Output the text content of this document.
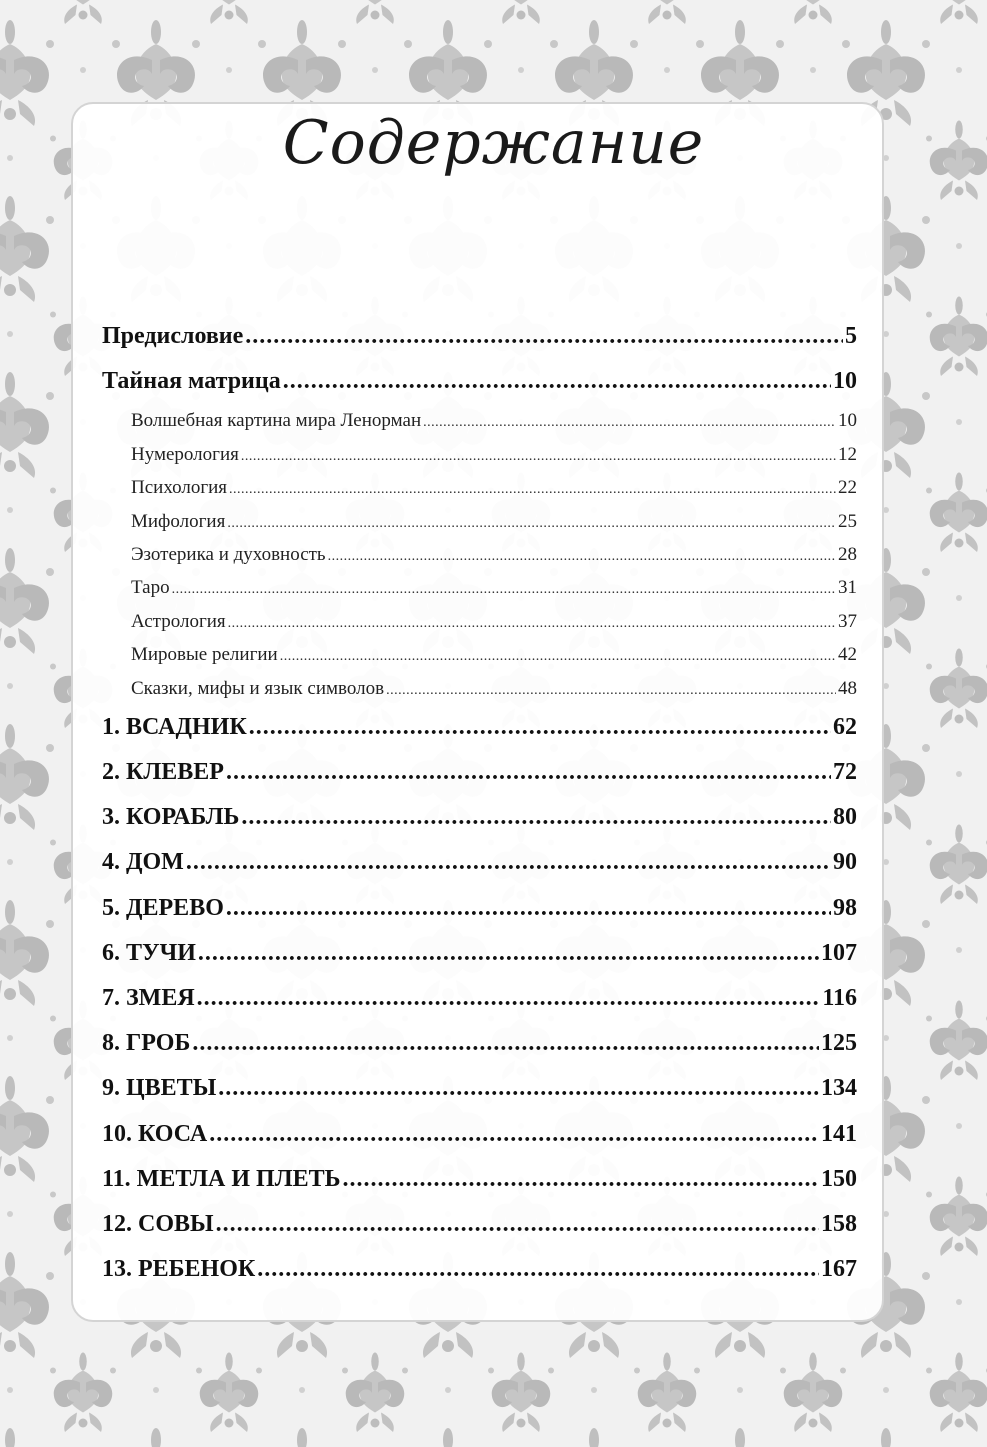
Содержание
Предисловие .....	5
Тайная матрица .....	10
Волшебная картина мира Ленорман .....	10
Нумерология .....	12
Психология .....	22
Мифология .....	25
Эзотерика и духовность .....	28
Таро .....	31
Астрология .....	37
Мировые религии .....	42
Сказки, мифы и язык символов .....	48
1. ВСАДНИК .....	62
2. КЛЕВЕР .....	72
3. КОРАБЛЬ .....	80
4. ДОМ .....	90
5. ДЕРЕВО .....	98
6. ТУЧИ .....	107
7. ЗМЕЯ .....	116
8. ГРОБ .....	125
9. ЦВЕТЫ .....	134
10. КОСА .....	141
11. МЕТЛА И ПЛЕТЬ .....	150
12. СОВЫ .....	158
13. РЕБЕНОК .....	167
